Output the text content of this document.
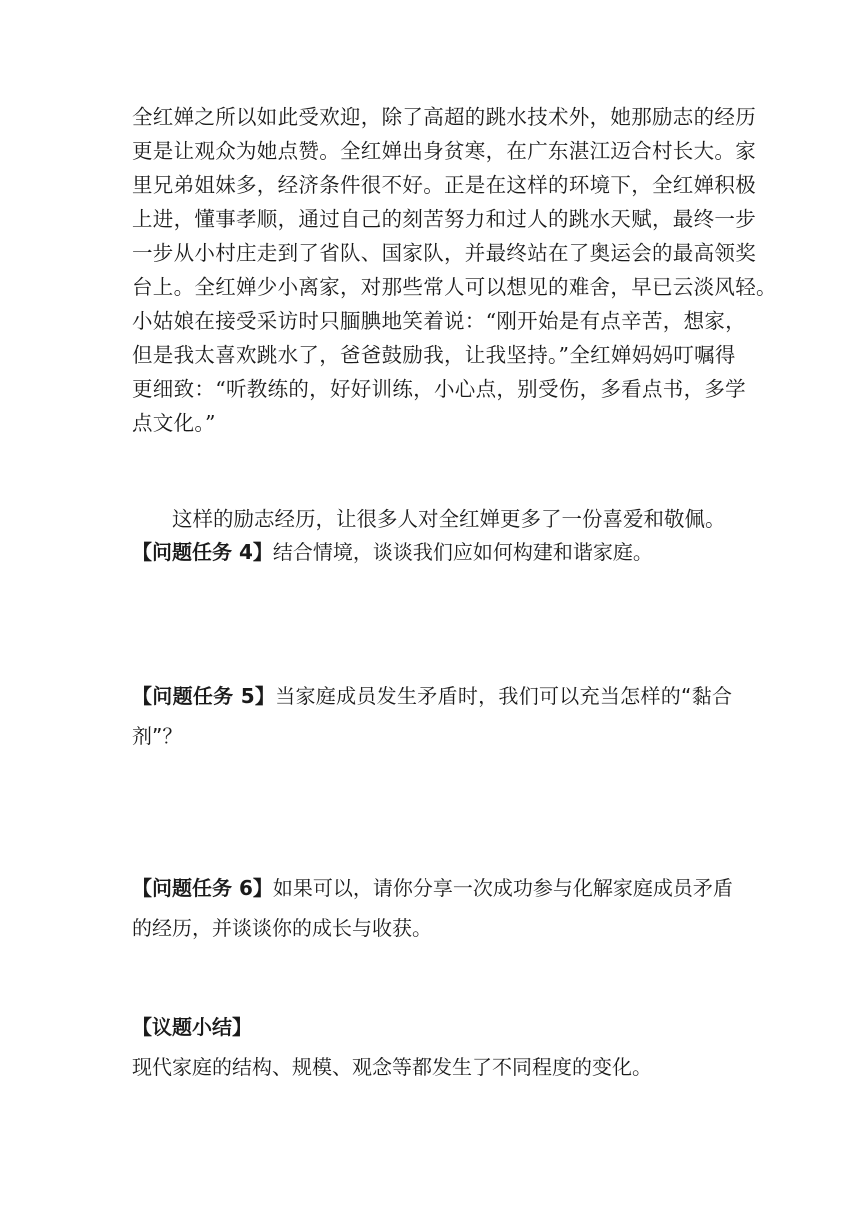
全红婵之所以如此受欢迎，除了高超的跳水技术外，她那励志的经历
更是让观众为她点赞。全红婵出身贫寒，在广东湛江迈合村长大。家
里兄弟姐妹多，经济条件很不好。正是在这样的环境下，全红婵积极
上进，懂事孝顺，通过自己的刻苦努力和过人的跳水天赋，最终一步
一步从小村庄走到了省队、国家队，并最终站在了奥运会的最高领奖
台上。全红婵少小离家，对那些常人可以想见的难舍，早已云淡风轻。
小姑娘在接受采访时只腼腆地笑着说：“刚开始是有点辛苦，想家，
但是我太喜欢跳水了，爸爸鼓励我，让我坚持。”全红婵妈妈叮嘱得
更细致：“听教练的，好好训练，小心点，别受伤，多看点书，多学
点文化。”
这样的励志经历，让很多人对全红婵更多了一份喜爱和敬佩。
【问题任务 4】结合情境，谈谈我们应如何构建和谐家庭。
【问题任务 5】当家庭成员发生矛盾时，我们可以充当怎样的“黏合
剂”？
【问题任务 6】如果可以，请你分享一次成功参与化解家庭成员矛盾
的经历，并谈谈你的成长与收获。
【议题小结】
现代家庭的结构、规模、观念等都发生了不同程度的变化。
